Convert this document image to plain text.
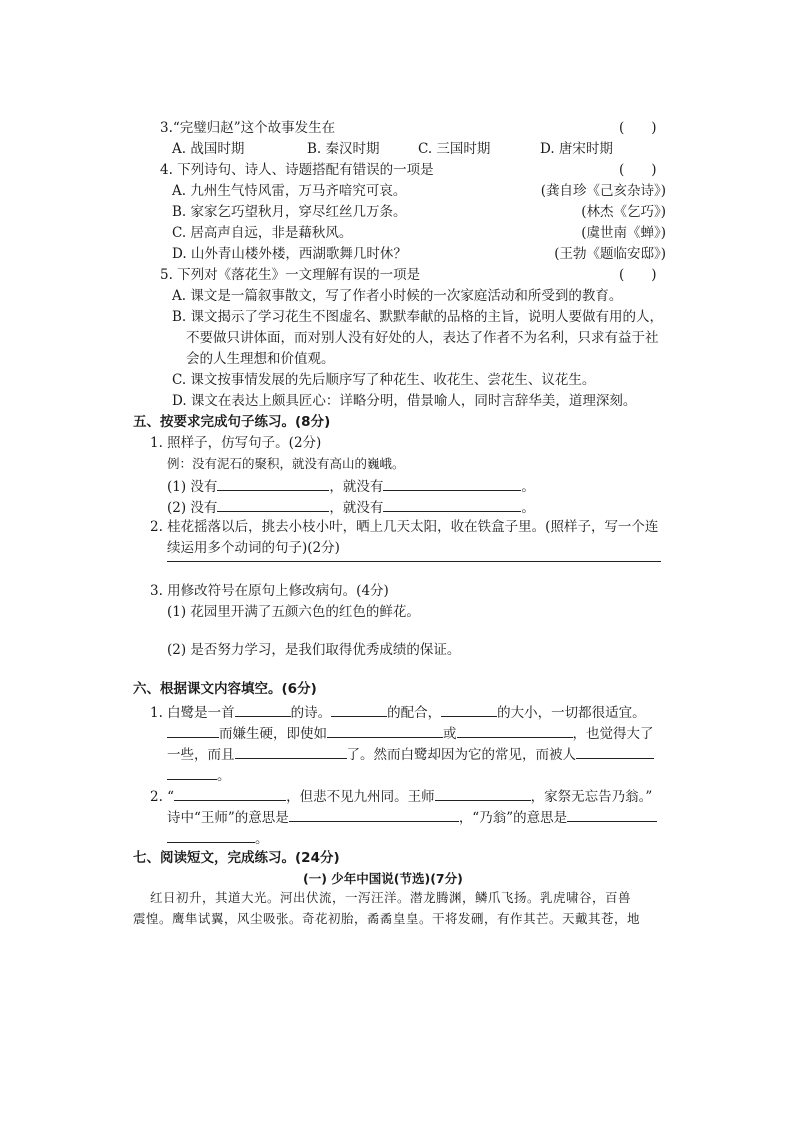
3.“完璧归赵”这个故事发生在	(　　)
A. 战国时期	B. 秦汉时期	C. 三国时期	D. 唐宋时期
4. 下列诗句、诗人、诗题搭配有错误的一项是	(　　)
A. 九州生气恃风雷，万马齐喑究可哀。	(龚自珍《己亥杂诗》)
B. 家家乞巧望秋月，穿尽红丝几万条。	(林杰《乞巧》)
C. 居高声自远，非是藉秋风。	(虞世南《蝉》)
D. 山外青山楼外楼，西湖歌舞几时休？	(王勃《题临安邸》)
5. 下列对《落花生》一文理解有误的一项是	(　　)
A. 课文是一篇叙事散文，写了作者小时候的一次家庭活动和所受到的教育。
B. 课文揭示了学习花生不图虚名、默默奉献的品格的主旨，说明人要做有用的人，
不要做只讲体面，而对别人没有好处的人，表达了作者不为名利，只求有益于社
会的人生理想和价值观。
C. 课文按事情发展的先后顺序写了种花生、收花生、尝花生、议花生。
D. 课文在表达上颇具匠心：详略分明，借景喻人，同时言辞华美，道理深刻。
五、按要求完成句子练习。(8分)
1. 照样子，仿写句子。(2分)
例：没有泥石的聚积，就没有高山的巍峨。
(1) 没有	，就没有	。
(2) 没有	，就没有	。
2. 桂花摇落以后，挑去小枝小叶，晒上几天太阳，收在铁盒子里。(照样子，写一个连
续运用多个动词的句子)(2分)
3. 用修改符号在原句上修改病句。(4分)
(1) 花园里开满了五颜六色的红色的鲜花。
(2) 是否努力学习，是我们取得优秀成绩的保证。
六、根据课文内容填空。(6分)
1. 白鹭是一首	的诗。	的配合，	的大小，一切都很适宜。
而嫌生硬，即使如	或	，也觉得大了
一些，而且	了。然而白鹭却因为它的常见，而被人
。
2. “	，但悲不见九州同。王师	，家祭无忘告乃翁。”
诗中“王师”的意思是	，“乃翁”的意思是
。
七、阅读短文，完成练习。(24分)
(一) 少年中国说(节选)(7分)
红日初升，其道大光。河出伏流，一泻汪洋。潜龙腾渊，鳞爪飞扬。乳虎啸谷，百兽
震惶。鹰隼试翼，风尘吸张。奇花初胎，矞矞皇皇。干将发硎，有作其芒。天戴其苍，地
